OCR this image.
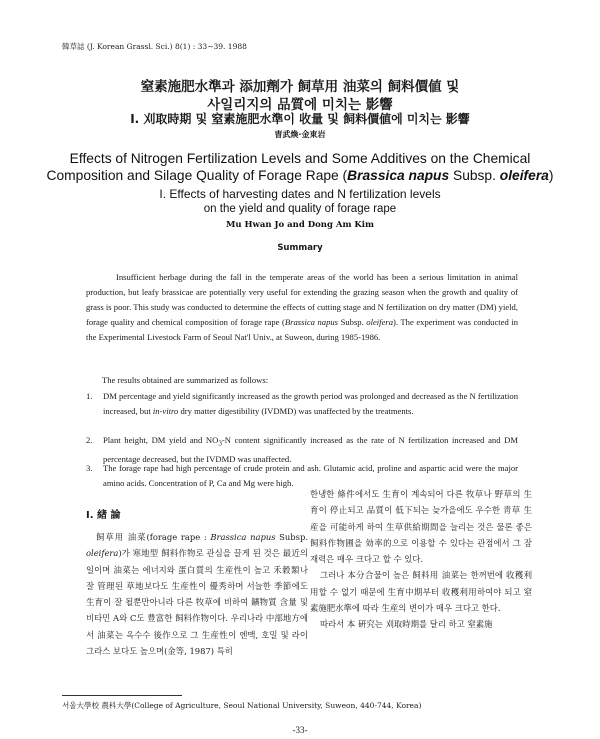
韓草誌 (J. Korean Grassl. Sci.) 8(1) : 33∼39. 1988
窒素施肥水準과 添加劑가 飼草用 油菜의 飼料價値 및
사일리지의 品質에 미치는 影響
I. 刈取時期 및 窒素施肥水準이 收量 및 飼料價値에 미치는 影響
曺武煥·金東岩
Effects of Nitrogen Fertilization Levels and Some Additives on the Chemical
Composition and Silage Quality of Forage Rape (Brassica napus Subsp. oleifera)
I. Effects of harvesting dates and N fertilization levels
on the yield and quality of forage rape
Mu Hwan Jo and Dong Am Kim
Summary
Insufficient herbage during the fall in the temperate areas of the world has been a serious limitation in animal production, but leafy brassicae are potentially very useful for extending the grazing season when the growth and quality of grass is poor. This study was conducted to determine the effects of cutting stage and N fertilization on dry matter (DM) yield, forage quality and chemical composition of forage rape (Brassica napus Subsp. oleifera). The experiment was conducted in the Experimental Livestock Farm of Seoul Nat'l Univ., at Suweon, during 1985-1986.
The results obtained are summarized as follows:
1. DM percentage and yield significantly increased as the growth period was prolonged and decreased as the N fertilization increased, but in-vitro dry matter digestibility (IVDMD) was unaffected by the treatments.
2. Plant height, DM yield and $NO_3-N$ content significantly increased as the rate of N fertilization increased and DM percentage decreased, but the IVDMD was unaffected.
3. The forage rape had high percentage of crude protein and ash. Glutamic acid, proline and aspartic acid were the major amino acids. Concentration of P, Ca and Mg were high.
I. 緖 論
飼草用 油菜(forage rape : Brassica napus Subsp. oleifera)가 寒地型 飼料作物로 관심을 끌게 된 것은 最近의 일이며 油菜는 에너지와 蛋白質의 生産性이 높고 禾穀類나 잘 管理된 草地보다도 生産性이 優秀하며 서늘한 季節에도 生育이 잘 될뿐만아니라 다른 牧草에 비하여 鑛物質 含量 및 비타민 A와 C도 豊富한 飼料作物이다. 우리나라 中部地方에서 油菜는 옥수수 後作으로 그 生産性이 엔맥, 호밀 및 라이그라스 보다도 높으며(金等, 1987) 특히

한냉한 條件에서도 生育이 계속되어 다른 牧草나 野草의 生育이 停止되고 品質이 低下되는 늦가을에도 우수한 靑草 生産을 可能하게 하여 生草供給期間을 늘리는 것은 물론 좋은 飼料作物圃을 効率的으로 이용할 수 있다는 관점에서 그 잠재력은 매우 크다고 할 수 있다.

그러나 本分合물이 높은 飼料用 油菜는 한꺼번에 收穫利用할 수 없기 때문에 生育中期부터 收穫利用하여야 되고 窒素施肥水準에 따라 生産의 변이가 매우 크다고 한다.

따라서 本 硏究는 刈取時期를 달리 하고 窒素施

서울大學校 農科大學(College of Agriculture, Seoul National University, Suweon, 440-744, Korea)
-33-
